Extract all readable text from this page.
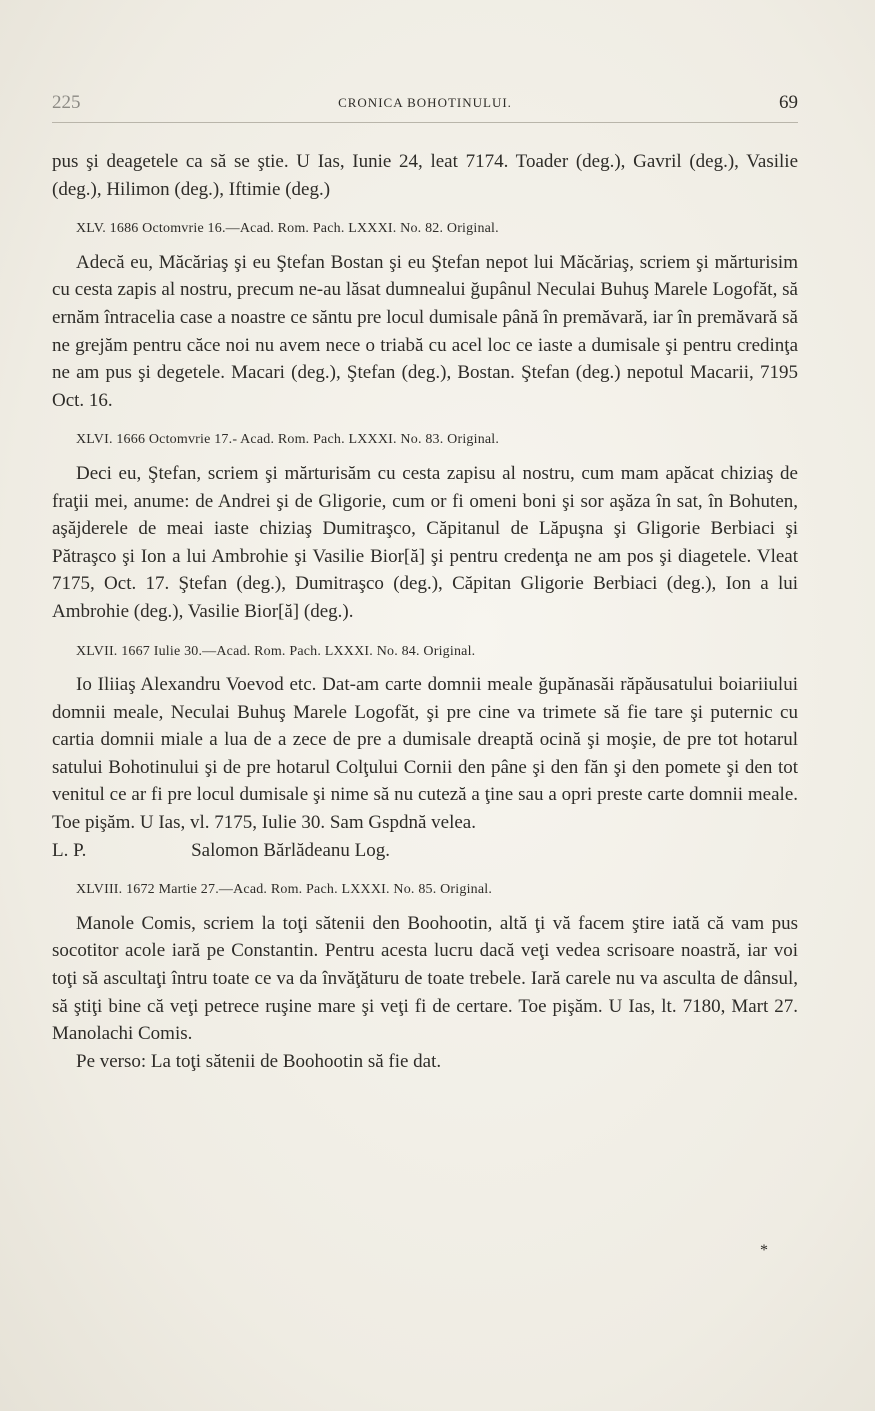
225	CRONICA BOHOTINULUI.	69

pus şi deagetele ca să se ştie. U Ias, Iunie 24, leat 7174. Toader (deg.), Gavril (deg.), Vasilie (deg.), Hilimon (deg.), Iftimie (deg.)

XLV. 1686 Octomvrie 16.—Acad. Rom. Pach. LXXXI. No. 82. Original.

Adecă eu, Măcăriaş şi eu Ştefan Bostan şi eu Ştefan nepot lui Măcăriaş, scriem şi mărturisim cu cesta zapis al nostru, precum ne-au lăsat dumnealui ğupânul Neculai Buhuş Marele Logofăt, să ernăm întracelia case a noastre ce săntu pre locul dumisale până în premăvară, iar în premăvară să ne grejăm pentru căce noi nu avem nece o triabă cu acel loc ce iaste a dumisale şi pentru credinţa ne am pus şi degetele. Macari (deg.), Ştefan (deg.), Bostan. Ştefan (deg.) nepotul Macarii, 7195 Oct. 16.

XLVI. 1666 Octomvrie 17.- Acad. Rom. Pach. LXXXI. No. 83. Original.

Deci eu, Ştefan, scriem şi mărturisăm cu cesta zapisu al nostru, cum mam apăcat chiziaş de fraţii mei, anume: de Andrei şi de Gligorie, cum or fi omeni boni şi sor aşăza în sat, în Bohuten, aşăjderele de meai iaste chiziaş Dumitraşco, Căpitanul de Lăpuşna şi Gligorie Berbiaci şi Pătraşco şi Ion a lui Ambrohie şi Vasilie Bior[ă] şi pentru credenţa ne am pos şi diagetele. Vleat 7175, Oct. 17. Ştefan (deg.), Dumitraşco (deg.), Căpitan Gligorie Berbiaci (deg.), Ion a lui Ambrohie (deg.), Vasilie Bior[ă] (deg.).

XLVII. 1667 Iulie 30.—Acad. Rom. Pach. LXXXI. No. 84. Original.

Io Iliiaş Alexandru Voevod etc. Dat-am carte domnii meale ğupănasăi răpăusatului boiariiului domnii meale, Neculai Buhuş Marele Logofăt, şi pre cine va trimete să fie tare şi puternic cu cartia domnii miale a lua de a zece de pre a dumisale dreaptă ocină şi moşie, de pre tot hotarul satului Bohotinului şi de pre hotarul Colţului Cornii den pâne şi den făn şi den pomete şi den tot venitul ce ar fi pre locul dumisale şi nime să nu cuteză a ţine sau a opri preste carte domnii meale. Toe pişăm. U Ias, vl. 7175, Iulie 30. Sam Gspdnă velea.

L. P.	Salomon Bărlădeanu Log.

XLVIII. 1672 Martie 27.—Acad. Rom. Pach. LXXXI. No. 85. Original.

Manole Comis, scriem la toţi sătenii den Boohootin, altă ţi vă facem ştire iată că vam pus socotitor acole iară pe Constantin. Pentru acesta lucru dacă veţi vedea scrisoare noastră, iar voi toţi să ascultaţi întru toate ce va da învăţăturu de toate trebele. Iară carele nu va asculta de dânsul, să ştiţi bine că veţi petrece ruşine mare şi veţi fi de certare. Toe pişăm. U Ias, lt. 7180, Mart 27. Manolachi Comis.

Pe verso: La toţi sătenii de Boohootin să fie dat.

*
